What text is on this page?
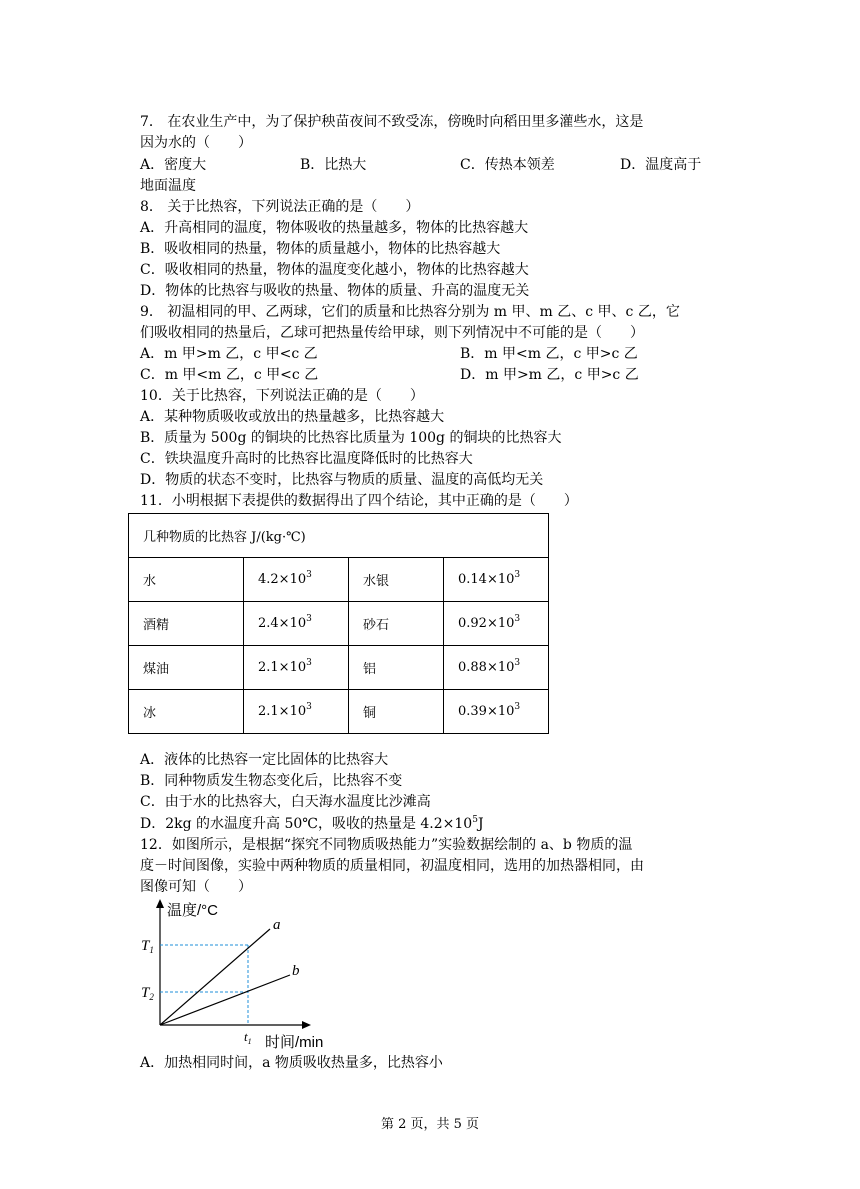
7． 在农业生产中，为了保护秧苗夜间不致受冻，傍晚时向稻田里多灌些水，这是
因为水的（　　）
A．密度大	B．比热大	C．传热本领差	D．温度高于
地面温度
8． 关于比热容，下列说法正确的是（　　）
A．升高相同的温度，物体吸收的热量越多，物体的比热容越大
B．吸收相同的热量，物体的质量越小，物体的比热容越大
C．吸收相同的热量，物体的温度变化越小，物体的比热容越大
D．物体的比热容与吸收的热量、物体的质量、升高的温度无关
9． 初温相同的甲、乙两球，它们的质量和比热容分别为 m 甲、m 乙、c 甲、c 乙，它
们吸收相同的热量后，乙球可把热量传给甲球，则下列情况中不可能的是（　　）
A．m 甲>m 乙，c 甲<c 乙	B．m 甲<m 乙，c 甲>c 乙
C．m 甲<m 乙，c 甲<c 乙	D．m 甲>m 乙，c 甲>c 乙
10．关于比热容，下列说法正确的是（　　）
A．某种物质吸收或放出的热量越多，比热容越大
B．质量为 500g 的铜块的比热容比质量为 100g 的铜块的比热容大
C．铁块温度升高时的比热容比温度降低时的比热容大
D．物质的状态不变时，比热容与物质的质量、温度的高低均无关
11．小明根据下表提供的数据得出了四个结论，其中正确的是（　　）
几种物质的比热容 J/(kg·℃)			
水	$4.2\times 10^3$	水银	$0.14\times 10^3$
酒精	$2.4\times 10^3$	砂石	$0.92\times 10^3$
煤油	$2.1\times 10^3$	铝	$0.88\times 10^3$
冰	$2.1\times 10^3$	铜	$0.39\times 10^3$
A．液体的比热容一定比固体的比热容大
B．同种物质发生物态变化后，比热容不变
C．由于水的比热容大，白天海水温度比沙滩高
D．2kg 的水温度升高 50℃，吸收的热量是 $4.2\times 10^5J$
12．如图所示，是根据“探究不同物质吸热能力”实验数据绘制的 a、b 物质的温
度－时间图像，实验中两种物质的质量相同，初温度相同，选用的加热器相同，由
图像可知（　　）
温度/°C
时间/min
$T_1$
$T_2$
$t_1$
a
b
A．加热相同时间，a 物质吸收热量多，比热容小
第 2 页，共 5 页
